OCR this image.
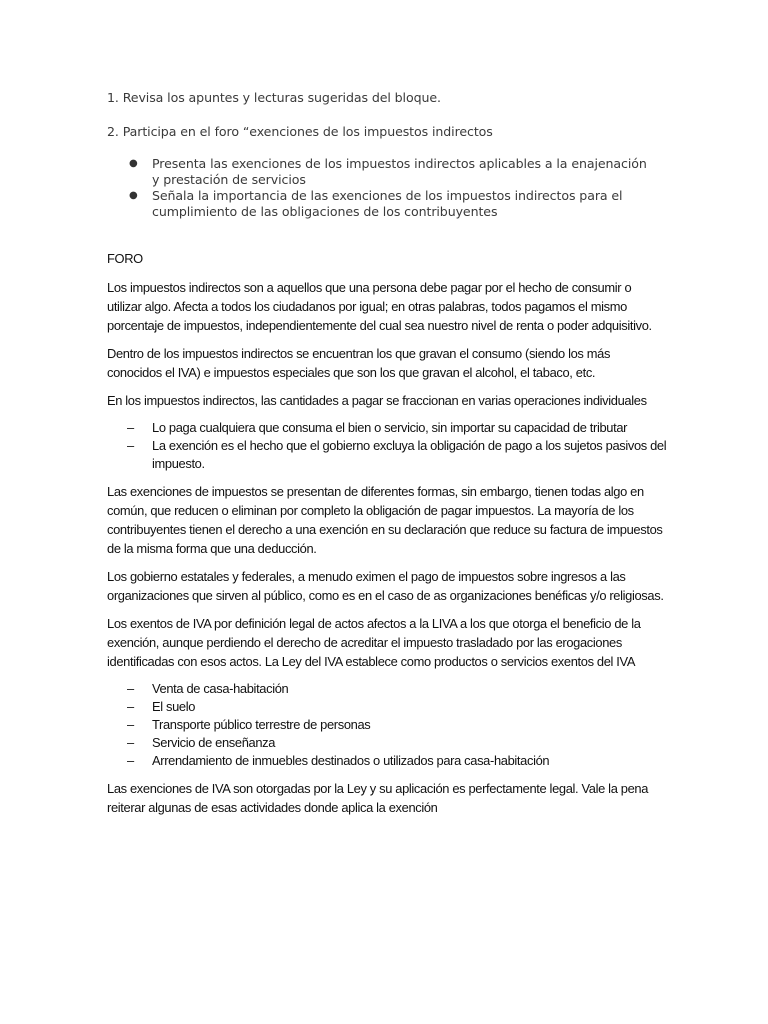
1. Revisa los apuntes y lecturas sugeridas del bloque.

2. Participa en el foro “exenciones de los impuestos indirectos

● Presenta las exenciones de los impuestos indirectos aplicables a la enajenación y prestación de servicios
● Señala la importancia de las exenciones de los impuestos indirectos para el cumplimiento de las obligaciones de los contribuyentes

FORO

Los impuestos indirectos son a aquellos que una persona debe pagar por el hecho de consumir o utilizar algo. Afecta a todos los ciudadanos por igual; en otras palabras, todos pagamos el mismo porcentaje de impuestos, independientemente del cual sea nuestro nivel de renta o poder adquisitivo.

Dentro de los impuestos indirectos se encuentran los que gravan el consumo (siendo los más conocidos el IVA) e impuestos especiales que son los que gravan el alcohol, el tabaco, etc.

En los impuestos indirectos, las cantidades a pagar se fraccionan en varias operaciones individuales

– Lo paga cualquiera que consuma el bien o servicio, sin importar su capacidad de tributar
– La exención es el hecho que el gobierno excluya la obligación de pago a los sujetos pasivos del impuesto.

Las exenciones de impuestos se presentan de diferentes formas, sin embargo, tienen todas algo en común, que reducen o eliminan por completo la obligación de pagar impuestos. La mayoría de los contribuyentes tienen el derecho a una exención en su declaración que reduce su factura de impuestos de la misma forma que una deducción.

Los gobierno estatales y federales, a menudo eximen el pago de impuestos sobre ingresos a las organizaciones que sirven al público, como es en el caso de as organizaciones benéficas y/o religiosas.

Los exentos de IVA por definición legal de actos afectos a la LIVA a los que otorga el beneficio de la exención, aunque perdiendo el derecho de acreditar el impuesto trasladado por las erogaciones identificadas con esos actos. La Ley del IVA establece como productos o servicios exentos del IVA

– Venta de casa-habitación
– El suelo
– Transporte público terrestre de personas
– Servicio de enseñanza
– Arrendamiento de inmuebles destinados o utilizados para casa-habitación

Las exenciones de IVA son otorgadas por la Ley y su aplicación es perfectamente legal. Vale la pena reiterar algunas de esas actividades donde aplica la exención
